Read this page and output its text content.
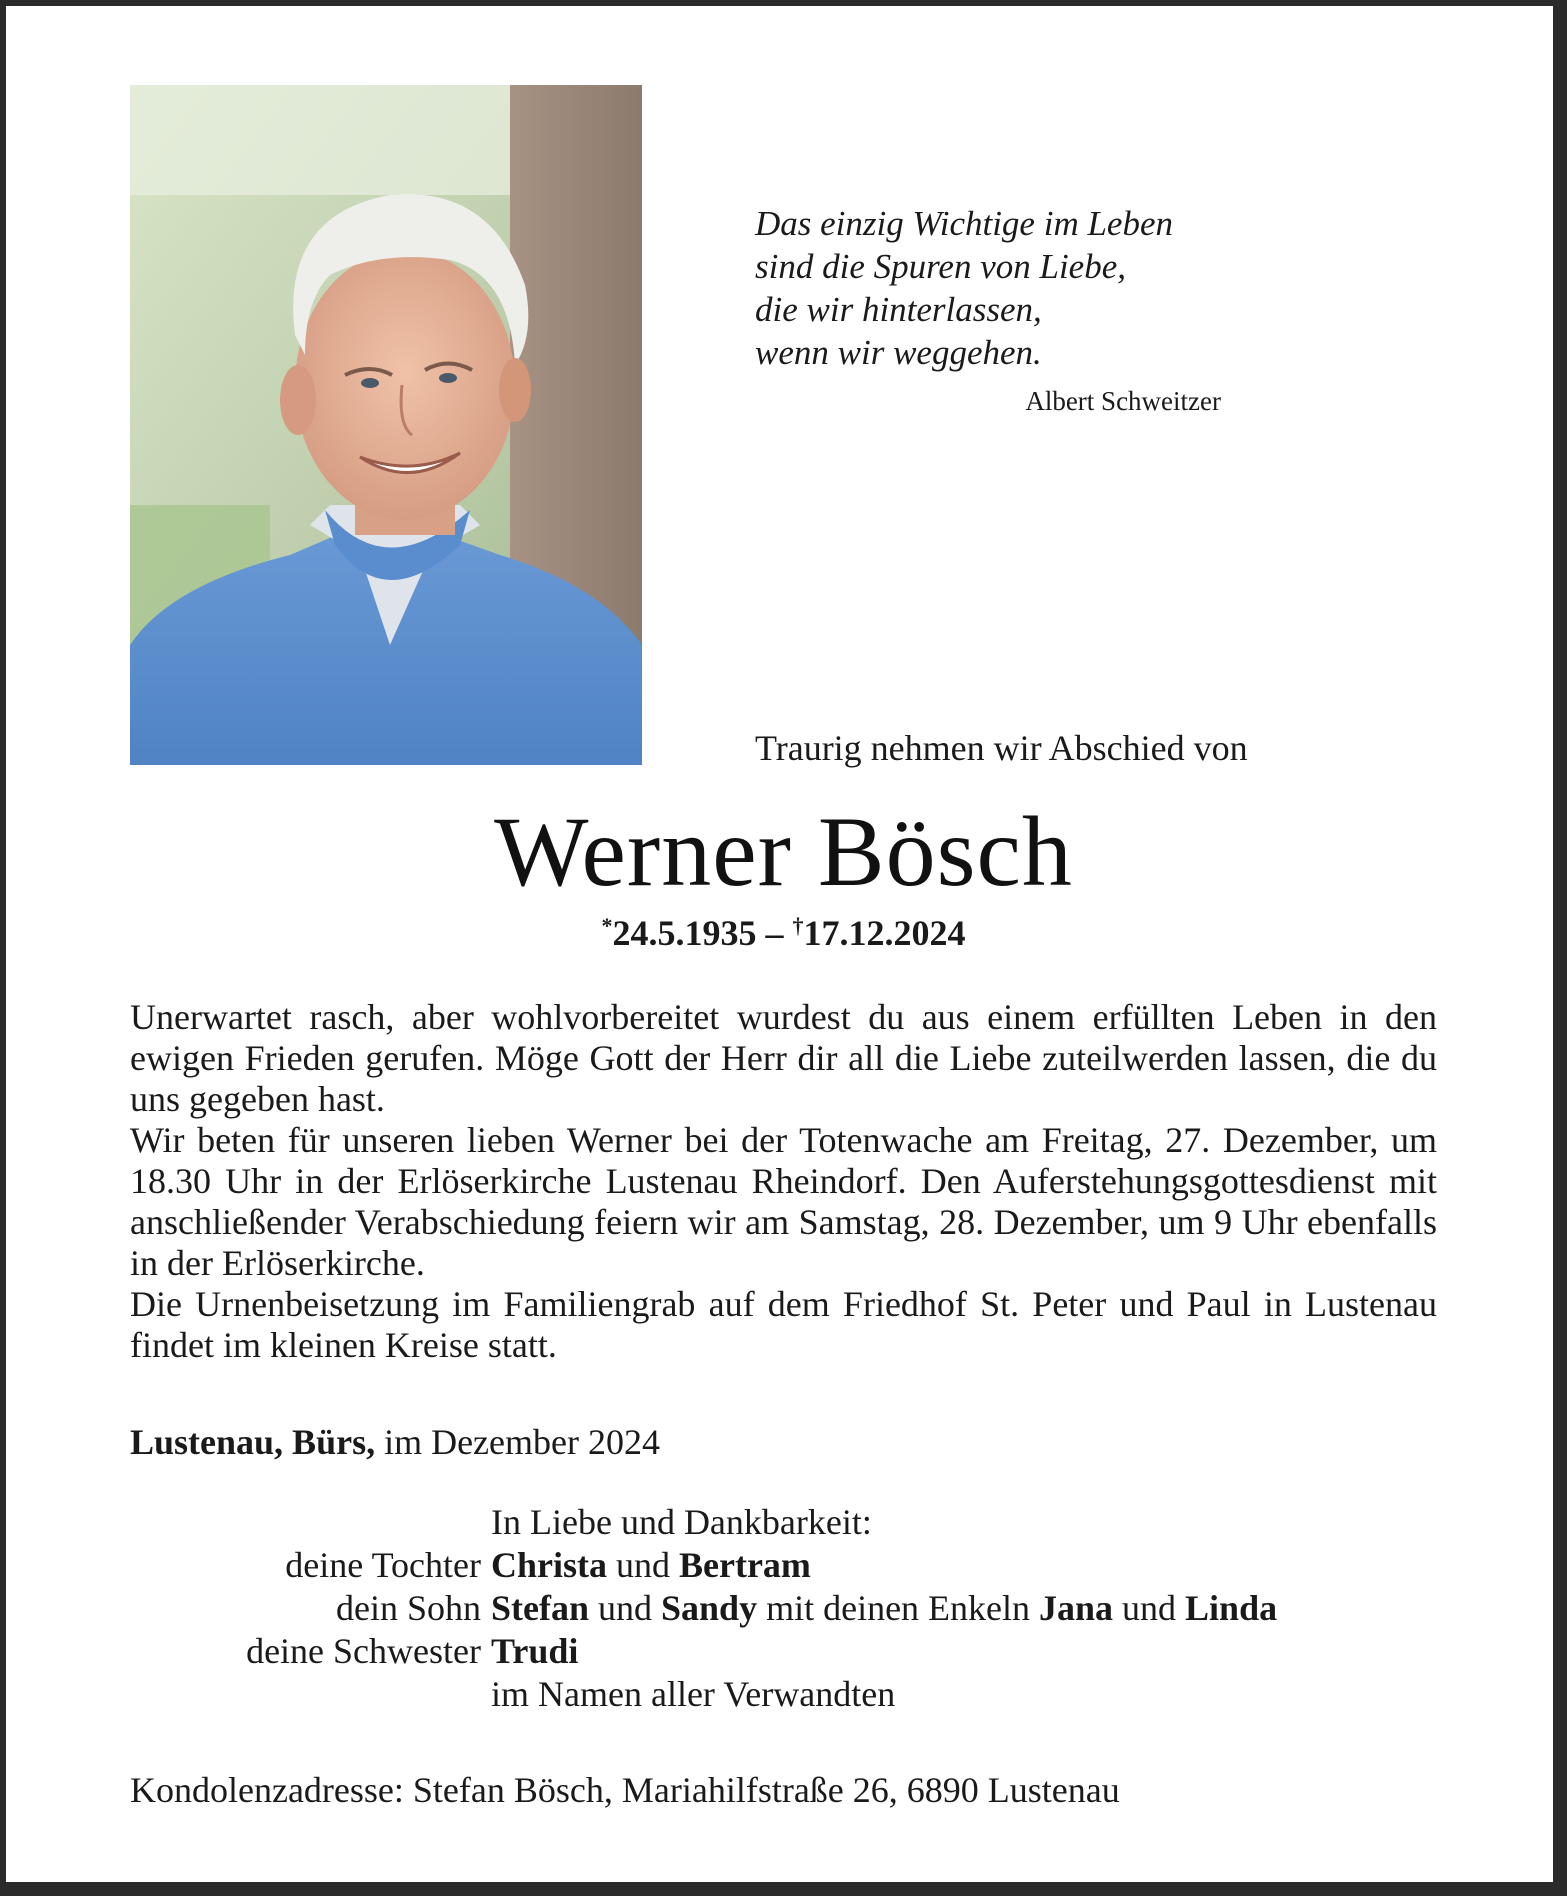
Das einzig Wichtige im Leben
sind die Spuren von Liebe,
die wir hinterlassen,
wenn wir weggehen.
Albert Schweitzer
Traurig nehmen wir Abschied von
Werner Bösch
*24.5.1935 – †17.12.2024

Unerwartet rasch, aber wohlvorbereitet wurdest du aus einem erfüllten Leben in den ewigen Frieden gerufen. Möge Gott der Herr dir all die Liebe zuteilwerden lassen, die du uns gegeben hast.

Wir beten für unseren lieben Werner bei der Totenwache am Freitag, 27. Dezember, um 18.30 Uhr in der Erlöserkirche Lustenau Rheindorf. Den Auferstehungsgottesdienst mit anschließender Verabschiedung feiern wir am Samstag, 28. Dezember, um 9 Uhr ebenfalls in der Erlöserkirche.

Die Urnenbeisetzung im Familiengrab auf dem Friedhof St. Peter und Paul in Lustenau findet im kleinen Kreise statt.

Lustenau, Bürs, im Dezember 2024
In Liebe und Dankbarkeit:
deine Tochter Christa und Bertram
dein Sohn Stefan und Sandy mit deinen Enkeln Jana und Linda
deine Schwester Trudi
im Namen aller Verwandten
Kondolenzadresse: Stefan Bösch, Mariahilfstraße 26, 6890 Lustenau
